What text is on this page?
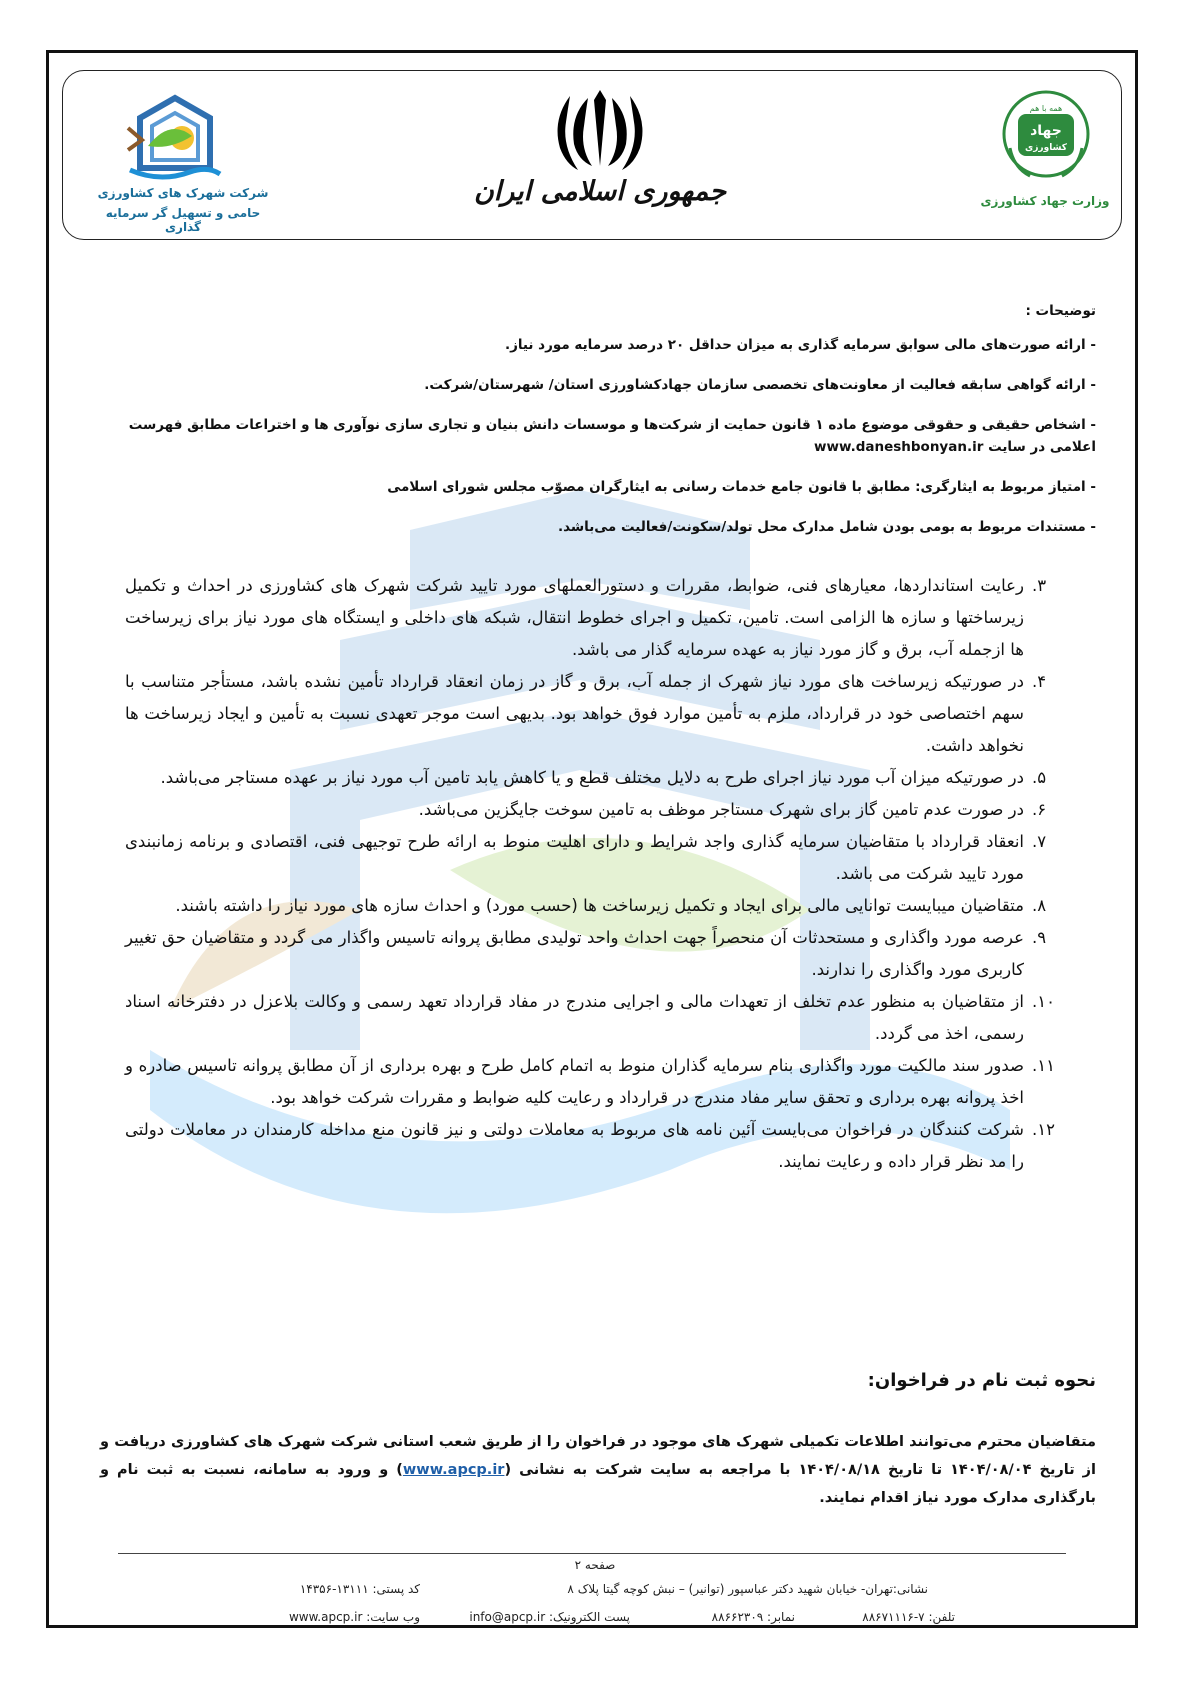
شرکت شهرک های کشاورزی
حامی و تسهیل گر سرمایه گذاری
جمهوری اسلامی ایران
همه با هم
جهاد
کشاورزی
وزارت جهاد کشاورزی
توضیحات :
- ارائه صورت‌های مالی سوابق سرمایه گذاری به میزان حداقل ۲۰ درصد سرمایه مورد نیاز.
- ارائه گواهی سابقه فعالیت از معاونت‌های تخصصی سازمان جهادکشاورزی استان/ شهرستان/شرکت.
- اشخاص حقیقی و حقوقی موضوع ماده ۱ قانون حمایت از شرکت‌ها و موسسات دانش بنیان و تجاری سازی نوآوری ها و اختراعات مطابق فهرست اعلامی در سایت www.daneshbonyan.ir
- امتیاز مربوط به ایثارگری: مطابق با قانون جامع خدمات رسانی به ایثارگران مصوّب مجلس شورای اسلامی
- مستندات مربوط به بومی بودن شامل مدارک محل تولد/سکونت/فعالیت می‌باشد.
۳.
رعایت استانداردها، معیارهای فنی، ضوابط، مقررات و دستورالعملهای مورد تایید شرکت شهرک های کشاورزی در احداث و تکمیل زیرساختها و سازه ها الزامی است. تامین، تکمیل و اجرای خطوط انتقال، شبکه های داخلی و ایستگاه های مورد نیاز برای زیرساخت ها ازجمله آب، برق و گاز مورد نیاز به عهده سرمایه گذار می باشد.
۴.
در صورتیکه زیرساخت های مورد نیاز شهرک از جمله آب، برق و گاز در زمان انعقاد قرارداد تأمین نشده باشد، مستأجر متناسب با سهم اختصاصی خود در قرارداد، ملزم به تأمین موارد فوق خواهد بود. بدیهی است موجر تعهدی نسبت به تأمین و ایجاد زیرساخت ها نخواهد داشت.
۵.
در صورتیکه میزان آب مورد نیاز اجرای طرح به دلایل مختلف قطع و یا کاهش یابد تامین آب مورد نیاز بر عهده مستاجر می‌باشد.
۶.
در صورت عدم تامین گاز برای شهرک مستاجر موظف به تامین سوخت جایگزین می‌باشد.
۷.
انعقاد قرارداد با متقاضیان سرمایه گذاری واجد شرایط و دارای اهلیت منوط به ارائه طرح توجیهی فنی، اقتصادی و برنامه زمانبندی مورد تایید شرکت می باشد.
۸.
متقاضیان میبایست توانایی مالی برای ایجاد و تکمیل زیرساخت ها (حسب مورد) و احداث سازه های مورد نیاز را داشته باشند.
۹.
عرصه مورد واگذاری و مستحدثات آن منحصراً جهت احداث واحد تولیدی مطابق پروانه تاسیس واگذار می گردد و متقاضیان حق تغییر کاربری مورد واگذاری را ندارند.
۱۰.
از متقاضیان به منظور عدم تخلف از تعهدات مالی و اجرایی مندرج در مفاد قرارداد تعهد رسمی و وکالت بلاعزل در دفترخانه اسناد رسمی، اخذ می گردد.
۱۱.
صدور سند مالکیت مورد واگذاری بنام سرمایه گذاران منوط به اتمام کامل طرح و بهره برداری از آن مطابق پروانه تاسیس صادره و اخذ پروانه بهره برداری و تحقق سایر مفاد مندرج در قرارداد و رعایت کلیه ضوابط و مقررات شرکت خواهد بود.
۱۲.
شرکت کنندگان در فراخوان می‌بایست آئین نامه های مربوط به معاملات دولتی و نیز قانون منع مداخله کارمندان در معاملات دولتی را مد نظر قرار داده و رعایت نمایند.
نحوه ثبت نام در فراخوان:
متقاضیان محترم می‌توانند اطلاعات تکمیلی شهرک های موجود در فراخوان را از طریق شعب استانی شرکت شهرک های کشاورزی دریافت و از تاریخ ۱۴۰۴/۰۸/۰۴ تا تاریخ ۱۴۰۴/۰۸/۱۸ با مراجعه به سایت شرکت به نشانی (www.apcp.ir) و ورود به سامانه، نسبت به ثبت نام و بارگذاری مدارک مورد نیاز اقدام نمایند.
صفحه ۲
نشانی:تهران- خیابان شهید دکتر عباسپور (توانیر) – نبش کوچه گیتا پلاک ۸
کد پستی: ۱۳۱۱۱-۱۴۳۵۶
تلفن: ۷-۸۸۶۷۱۱۱۶
نمابر: ۸۸۶۶۲۳۰۹
پست الکترونیک: info@apcp.ir
وب سایت: www.apcp.ir
